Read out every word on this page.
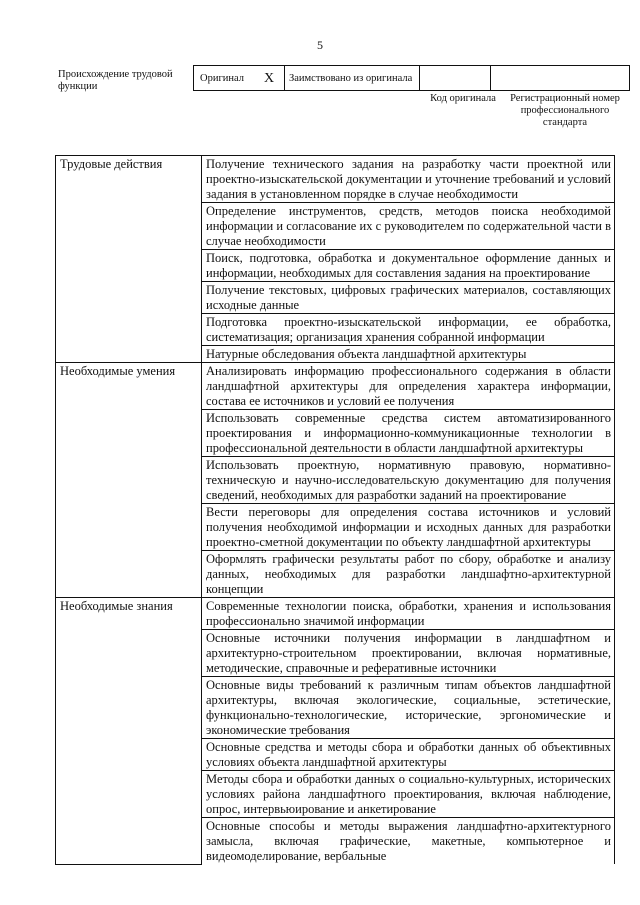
5
Происхождение трудовой функции
Оригинал X	Заимствовано из оригинала		
Код оригинала	Регистрационный номер профессионального стандарта
Трудовые действия	Получение технического задания на разработку части проектной или проектно-изыскательской документации и уточнение требований и условий задания в установленном порядке в случае необходимости
	Определение инструментов, средств, методов поиска необходимой информации и согласование их с руководителем по содержательной части в случае необходимости
	Поиск, подготовка, обработка и документальное оформление данных и информации, необходимых для составления задания на проектирование
	Получение текстовых, цифровых графических материалов, составляющих исходные данные
	Подготовка проектно-изыскательской информации, ее обработка, систематизация; организация хранения собранной информации
	Натурные обследования объекта ландшафтной архитектуры
Необходимые умения	Анализировать информацию профессионального содержания в области ландшафтной архитектуры для определения характера информации, состава ее источников и условий ее получения
	Использовать современные средства систем автоматизированного проектирования и информационно-коммуникационные технологии в профессиональной деятельности в области ландшафтной архитектуры
	Использовать проектную, нормативную правовую, нормативно-техническую и научно-исследовательскую документацию для получения сведений, необходимых для разработки заданий на проектирование
	Вести переговоры для определения состава источников и условий получения необходимой информации и исходных данных для разработки проектно-сметной документации по объекту ландшафтной архитектуры
	Оформлять графически результаты работ по сбору, обработке и анализу данных, необходимых для разработки ландшафтно-архитектурной концепции
Необходимые знания	Современные технологии поиска, обработки, хранения и использования профессионально значимой информации
	Основные источники получения информации в ландшафтном и архитектурно-строительном проектировании, включая нормативные, методические, справочные и реферативные источники
	Основные виды требований к различным типам объектов ландшафтной архитектуры, включая экологические, социальные, эстетические, функционально-технологические, исторические, эргономические и экономические требования
	Основные средства и методы сбора и обработки данных об объективных условиях объекта ландшафтной архитектуры
	Методы сбора и обработки данных о социально-культурных, исторических условиях района ландшафтного проектирования, включая наблюдение, опрос, интервьюирование и анкетирование
	Основные способы и методы выражения ландшафтно-архитектурного замысла, включая графические, макетные, компьютерное и видеомоделирование, вербальные
